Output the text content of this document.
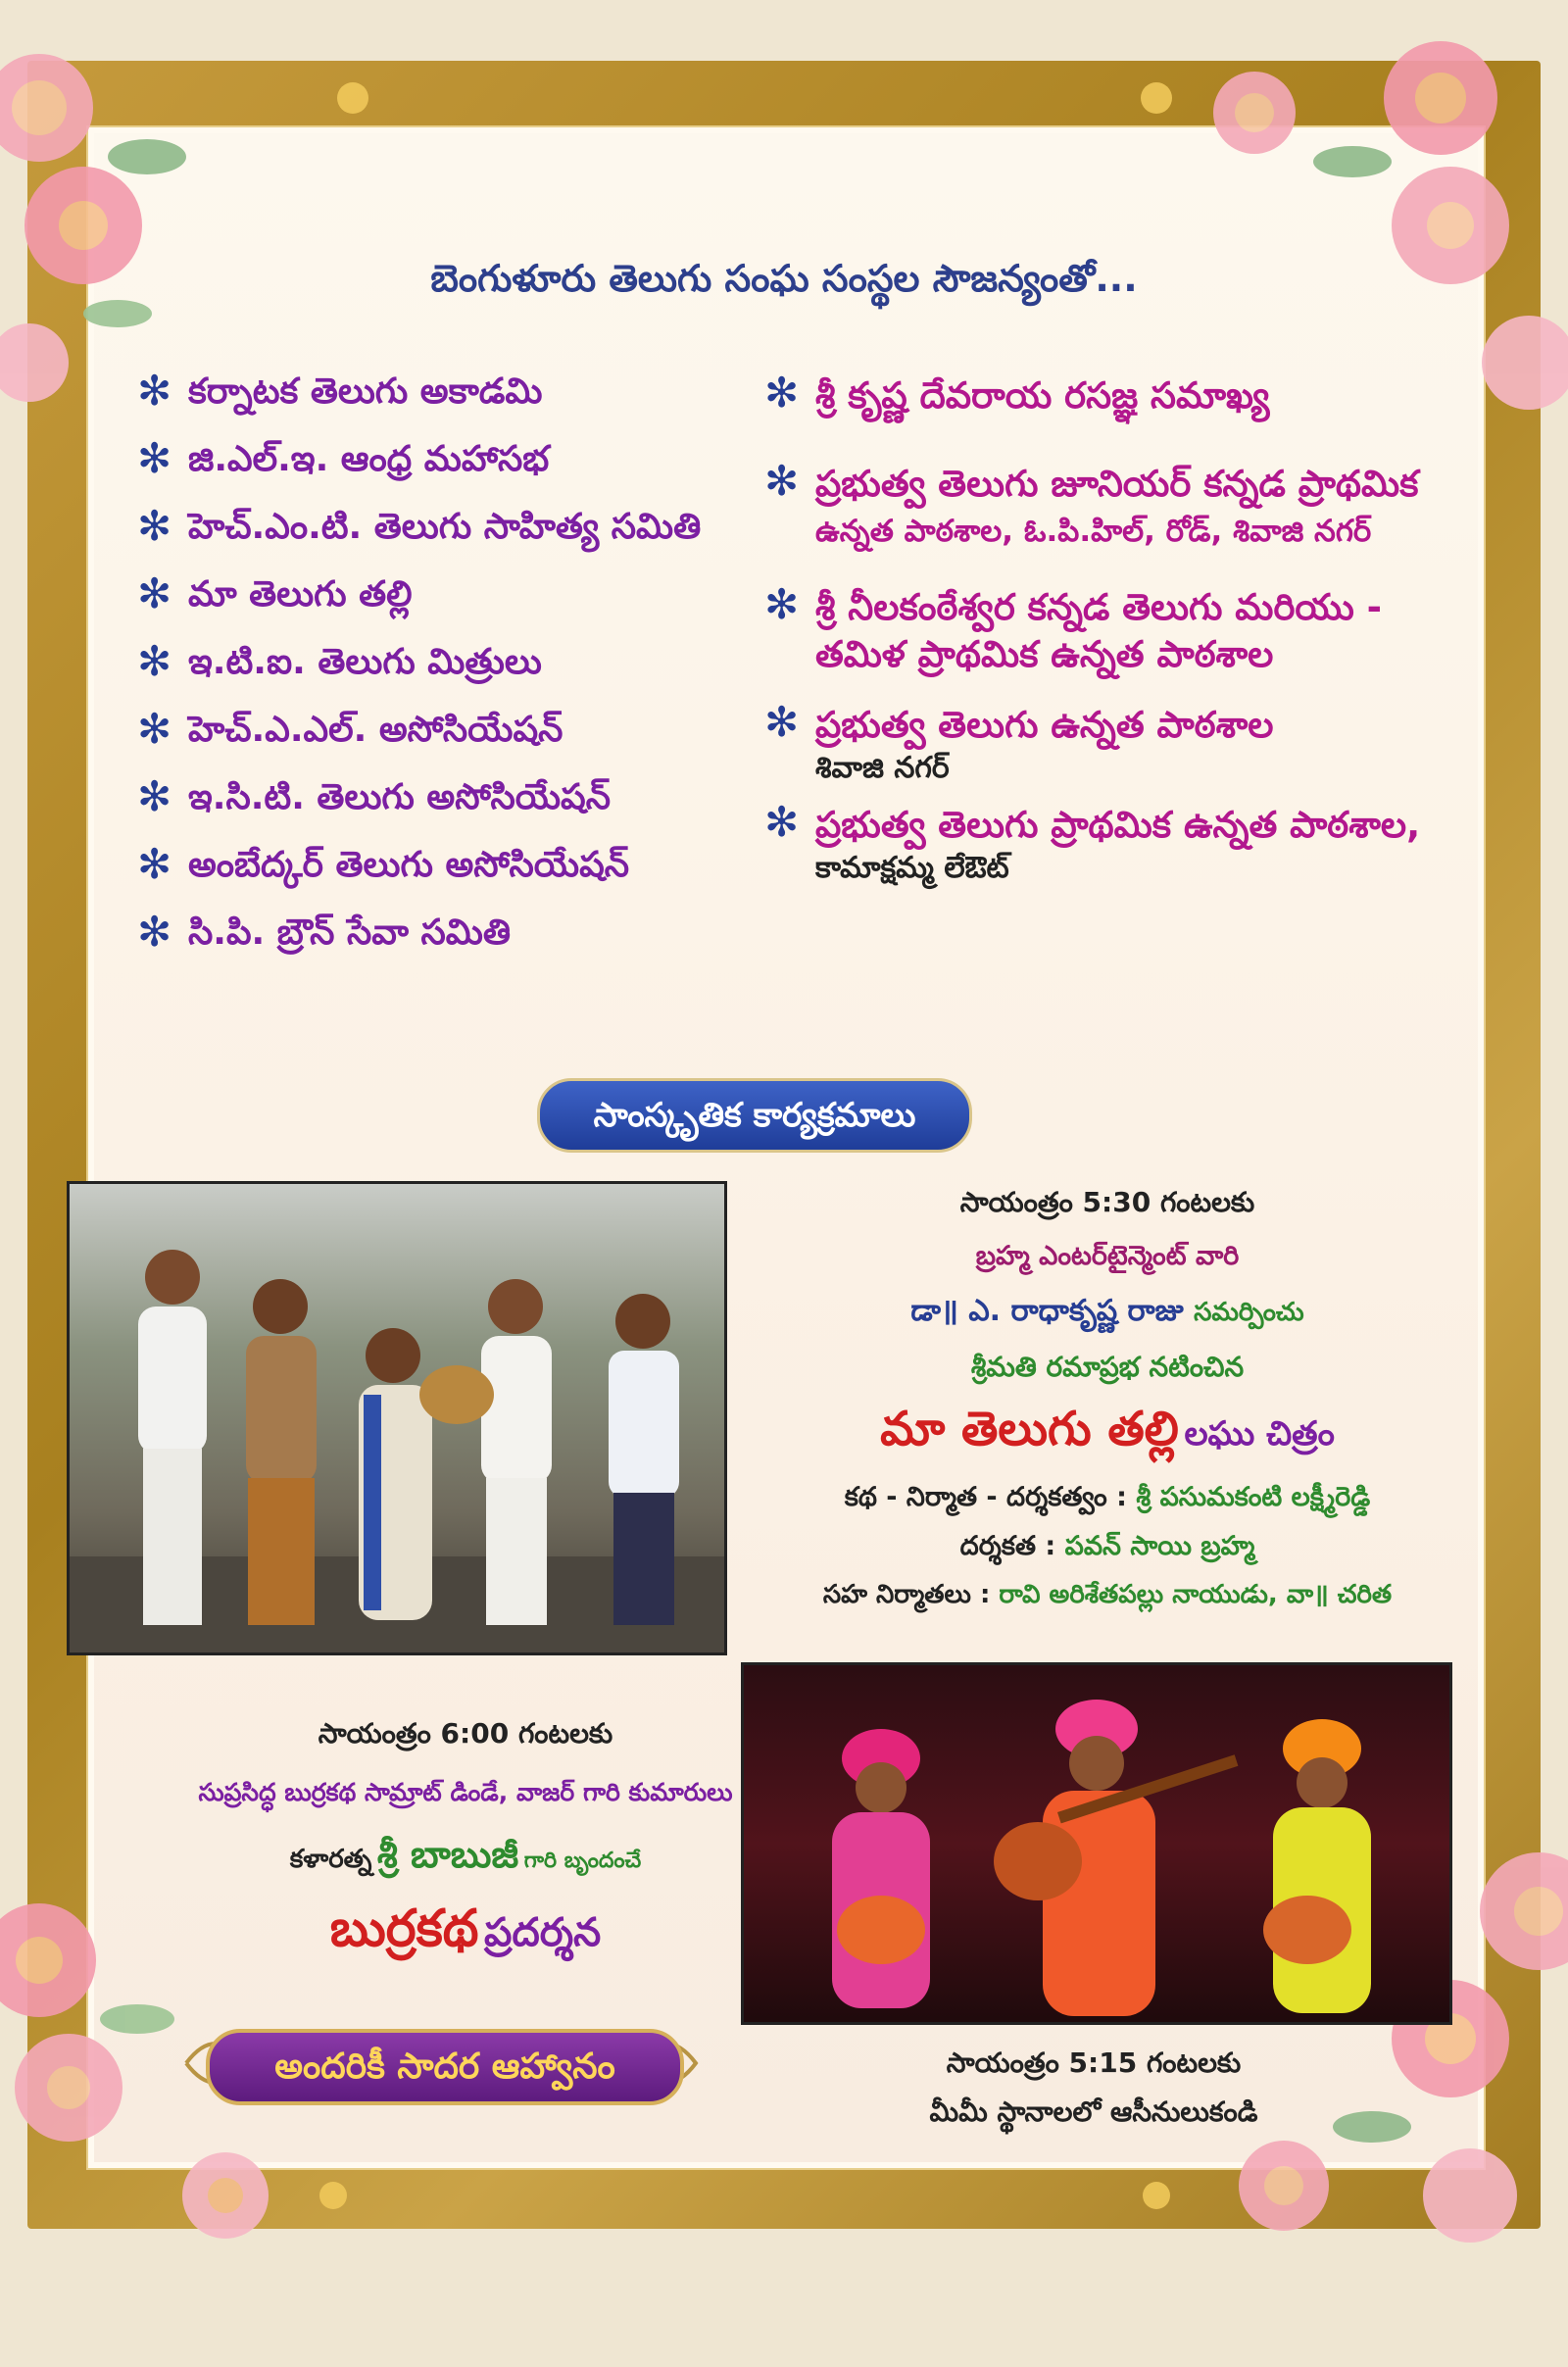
బెంగుళూరు తెలుగు సంఘ సంస్థల సౌజన్యంతో...
✻ కర్నాటక తెలుగు అకాడమి
✻ జి.ఎల్.ఇ. ఆంధ్ర మహాసభ
✻ హెచ్.ఎం.టి. తెలుగు సాహిత్య సమితి
✻ మా తెలుగు తల్లి
✻ ఇ.టి.ఐ. తెలుగు మిత్రులు
✻ హెచ్.ఎ.ఎల్. అసోసియేషన్
✻ ఇ.సి.టి. తెలుగు అసోసియేషన్
✻ అంబేద్కర్ తెలుగు అసోసియేషన్
✻ సి.పి. బ్రౌన్ సేవా సమితి
✻ శ్రీ కృష్ణ దేవరాయ రసజ్ఞ సమాఖ్య
✻ ప్రభుత్వ తెలుగు జూనియర్ కన్నడ ప్రాథమిక
ఉన్నత పాఠశాల, ఓ.పి.హిల్, రోడ్, శివాజి నగర్
✻ శ్రీ నీలకంఠేశ్వర కన్నడ తెలుగు మరియు -
తమిళ ప్రాథమిక ఉన్నత పాఠశాల
✻ ప్రభుత్వ తెలుగు ఉన్నత పాఠశాల
శివాజి నగర్
✻ ప్రభుత్వ తెలుగు ప్రాథమిక ఉన్నత పాఠశాల,
కామాక్షమ్మ లేఔట్
సాంస్కృతిక కార్యక్రమాలు
సాయంత్రం 5:30 గంటలకు
బ్రహ్మ ఎంటర్‌టైన్మెంట్ వారి
డా॥ ఎ. రాధాకృష్ణ రాజు సమర్పించు
శ్రీమతి రమాప్రభ నటించిన
మా తెలుగు తల్లి లఘు చిత్రం
కథ - నిర్మాత - దర్శకత్వం : శ్రీ పసుమకంటి లక్ష్మీరెడ్డి
దర్శకత : పవన్ సాయి బ్రహ్మ
సహ నిర్మాతలు : రావి అరిశేతపల్లు నాయుడు, వా॥ చరిత
సాయంత్రం 6:00 గంటలకు
సుప్రసిద్ధ బుర్రకథ సామ్రాట్ డిండే, వాజర్ గారి కుమారులు
కళారత్న శ్రీ బాబుజీ గారి బృందంచే
బుర్రకథ ప్రదర్శన
అందరికీ సాదర ఆహ్వానం	సాయంత్రం 5:15 గంటలకు
మీమీ స్థానాలలో ఆసీనులుకండి
